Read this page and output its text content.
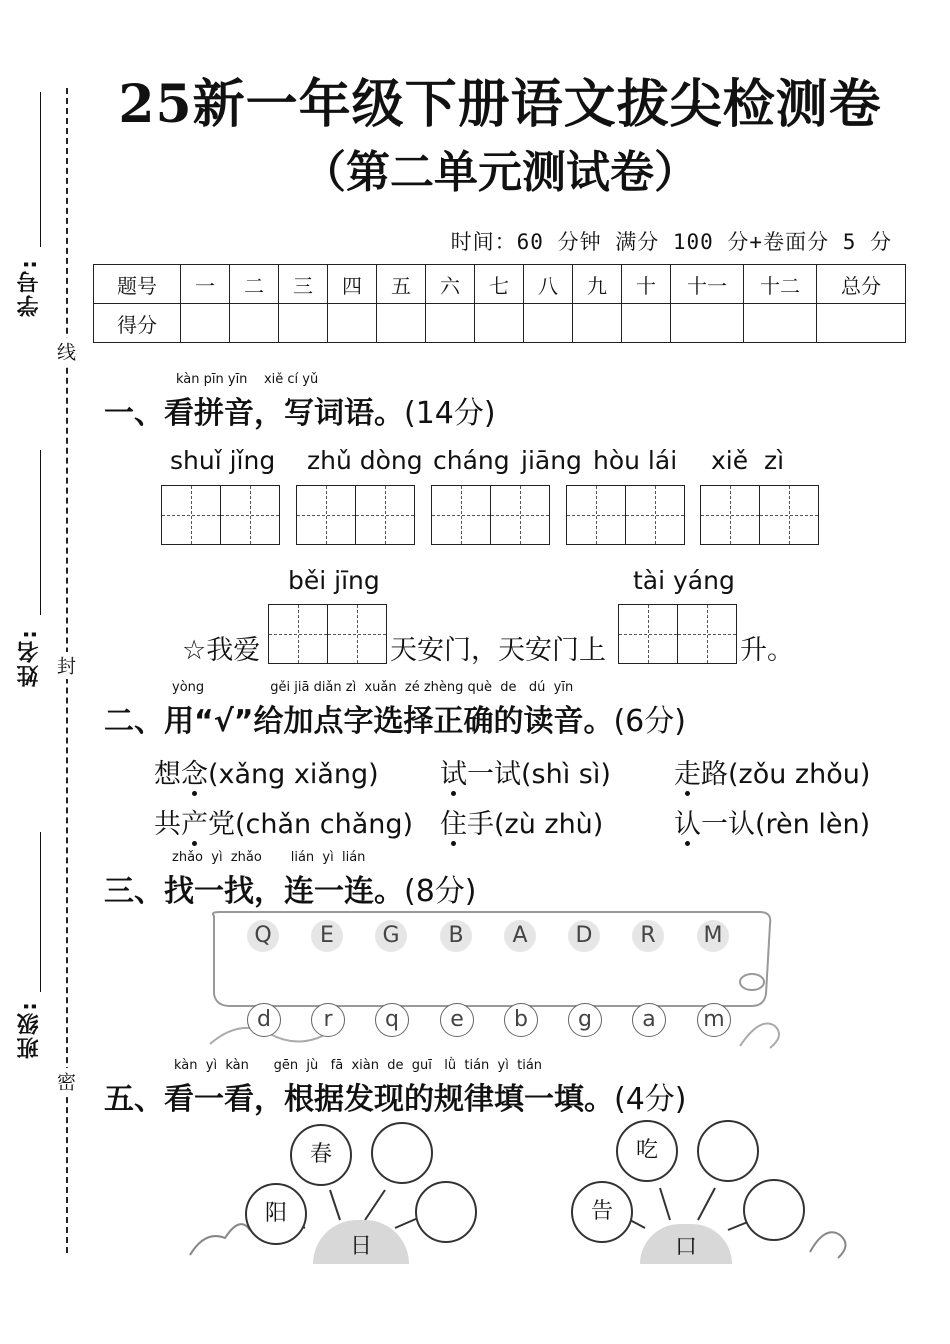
学号:
姓名:
班级:
线
封
密
25新一年级下册语文拔尖检测卷
（第二单元测试卷）
时间：60 分钟 满分 100 分+卷面分 5 分
题号	一	二	三	四	五	六	七	八	九	十	十一	十二	总分
得分													
kàn pīn yīn    xiě cí yǔ
一、看拼音，写词语。(14分)
shuǐ jǐng zhǔ dòng cháng jiāng hòu lái xiě  zì
běi jīng	tài yáng
☆我爱	天安门，天安门上	升。
yòng                gěi jiā diǎn zì  xuǎn  zé zhèng què  de   dú  yīn
二、用“√”给加点字选择正确的读音。(6分)
想念(xǎng xiǎng) 试一试(shì sì) 走路(zǒu zhǒu)
共产党(chǎn chǎng) 住手(zù zhù)	认一认(rèn lèn)
zhǎo  yì  zhǎo       lián  yì  lián
三、找一找，连一连。(8分)
Q	E	G	B	A	D	R	M
d	r	q	e	b	g	a	m
kàn  yì  kàn      gēn  jù   fā  xiàn  de  guī   lǜ  tián  yì  tián
五、看一看，根据发现的规律填一填。(4分)
日
阳
春
口
告
吃
